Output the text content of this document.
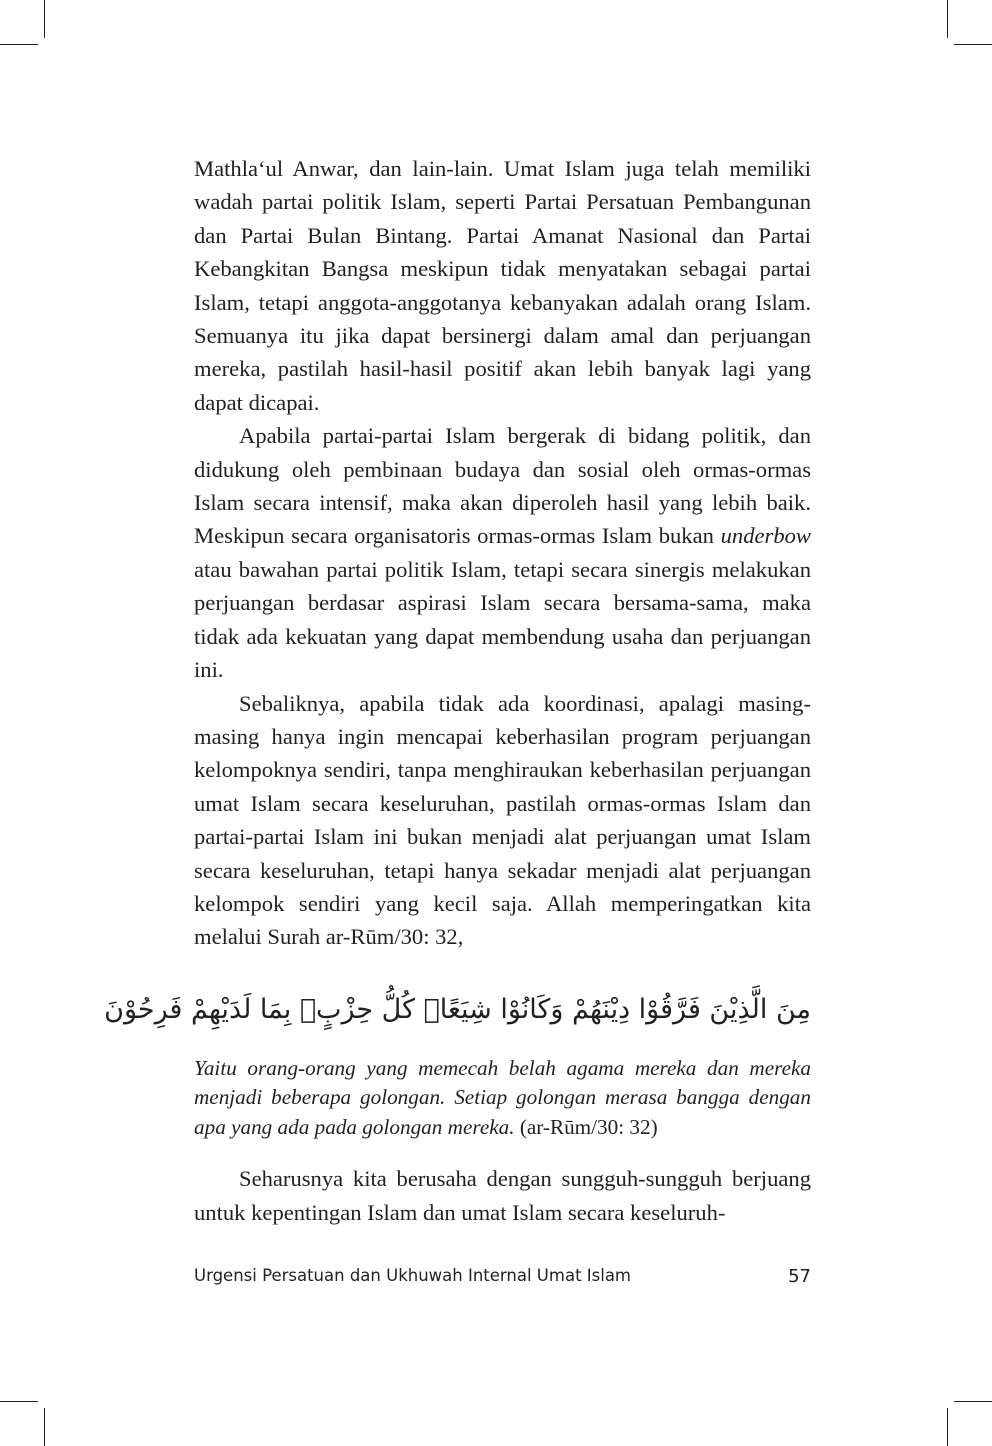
Mathla‘ul Anwar, dan lain-lain. Umat Islam juga telah memiliki wadah partai politik Islam, seperti Partai Persatuan Pembangunan dan Partai Bulan Bintang. Partai Amanat Nasional dan Partai Kebangkitan Bangsa meskipun tidak menyatakan sebagai partai Islam, tetapi anggota-anggotanya kebanyakan adalah orang Islam. Semuanya itu jika dapat bersinergi dalam amal dan perjuangan mereka, pastilah hasil-hasil positif akan lebih banyak lagi yang dapat dicapai.

Apabila partai-partai Islam bergerak di bidang politik, dan didukung oleh pembinaan budaya dan sosial oleh ormas-ormas Islam secara intensif, maka akan diperoleh hasil yang lebih baik. Meskipun secara organisatoris ormas-ormas Islam bukan underbow atau bawahan partai politik Islam, tetapi secara sinergis melakukan perjuangan berdasar aspirasi Islam secara bersama-sama, maka tidak ada kekuatan yang dapat membendung usaha dan perjuangan ini.

Sebaliknya, apabila tidak ada koordinasi, apalagi masing-masing hanya ingin mencapai keberhasilan program perjuangan kelompoknya sendiri, tanpa menghiraukan keberhasilan perjuangan umat Islam secara keseluruhan, pastilah ormas-ormas Islam dan partai-partai Islam ini bukan menjadi alat perjuangan umat Islam secara keseluruhan, tetapi hanya sekadar menjadi alat perjuangan kelompok sendiri yang kecil saja. Allah memperingatkan kita melalui Surah ar-Rūm/30: 32,

مِنَ الَّذِيْنَ فَرَّقُوْا دِيْنَهُمْ وَكَانُوْا شِيَعًاۗ كُلُّ حِزْبٍۢ بِمَا لَدَيْهِمْ فَرِحُوْنَ

Yaitu orang-orang yang memecah belah agama mereka dan mereka menjadi beberapa golongan. Setiap golongan merasa bangga dengan apa yang ada pada golongan mereka. (ar-Rūm/30: 32)

Seharusnya kita berusaha dengan sungguh-sungguh berjuang untuk kepentingan Islam dan umat Islam secara keseluruh-

Urgensi Persatuan dan Ukhuwah Internal Umat Islam	57
